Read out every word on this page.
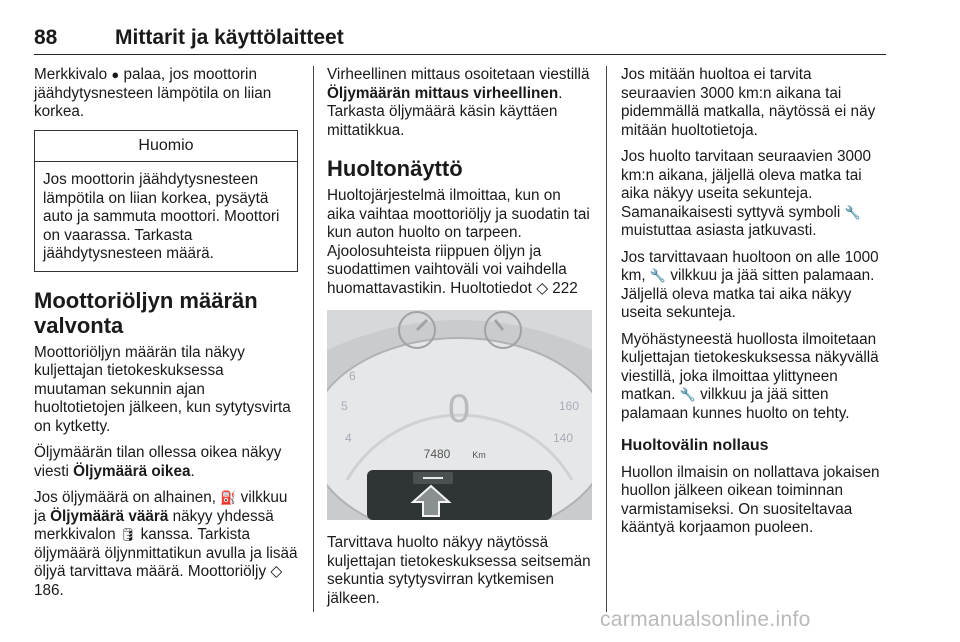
88	Mittarit ja käyttölaitteet

Merkkivalo ● palaa, jos moottorin jäähdytysnesteen lämpötila on liian korkea.

Huomio
Jos moottorin jäähdytysnesteen lämpötila on liian korkea, pysäytä auto ja sammuta moottori. Moottori on vaarassa. Tarkasta jäähdytysnesteen määrä.
Moottoriöljyn määrän valvonta

Moottoriöljyn määrän tila näkyy kuljettajan tietokeskuksessa muutaman sekunnin ajan huoltotietojen jälkeen, kun sytytysvirta on kytketty.

Öljymäärän tilan ollessa oikea näkyy viesti Öljymäärä oikea.

Jos öljymäärä on alhainen, ⛽ vilkkuu ja Öljymäärä väärä näkyy yhdessä merkkivalon 🛢 kanssa. Tarkista öljymäärä öljynmittatikun avulla ja lisää öljyä tarvittava määrä. Moottoriöljy ◇ 186.

Virheellinen mittaus osoitetaan viestillä Öljymäärän mittaus virheellinen. Tarkasta öljymäärä käsin käyttäen mittatikkua.

Huoltonäyttö

Huoltojärjestelmä ilmoittaa, kun on aika vaihtaa moottoriöljy ja suodatin tai kun auton huolto on tarpeen. Ajoolosuhteista riippuen öljyn ja suodattimen vaihtoväli voi vaihdella huomattavastikin. Huoltotiedot ◇ 222

6
5
4
160
140
0
7480 Km

Tarvittava huolto näkyy näytössä kuljettajan tietokeskuksessa seitsemän sekuntia sytytysvirran kytkemisen jälkeen.

Jos mitään huoltoa ei tarvita seuraavien 3000 km:n aikana tai pidemmällä matkalla, näytössä ei näy mitään huoltotietoja.

Jos huolto tarvitaan seuraavien 3000 km:n aikana, jäljellä oleva matka tai aika näkyy useita sekunteja. Samanaikaisesti syttyvä symboli 🔧 muistuttaa asiasta jatkuvasti.

Jos tarvittavaan huoltoon on alle 1000 km, 🔧 vilkkuu ja jää sitten palamaan. Jäljellä oleva matka tai aika näkyy useita sekunteja.

Myöhästyneestä huollosta ilmoitetaan kuljettajan tietokeskuksessa näkyvällä viestillä, joka ilmoittaa ylittyneen matkan. 🔧 vilkkuu ja jää sitten palamaan kunnes huolto on tehty.

Huoltovälin nollaus

Huollon ilmaisin on nollattava jokaisen huollon jälkeen oikean toiminnan varmistamiseksi. On suositeltavaa kääntyä korjaamon puoleen.

carmanualsonline.info
